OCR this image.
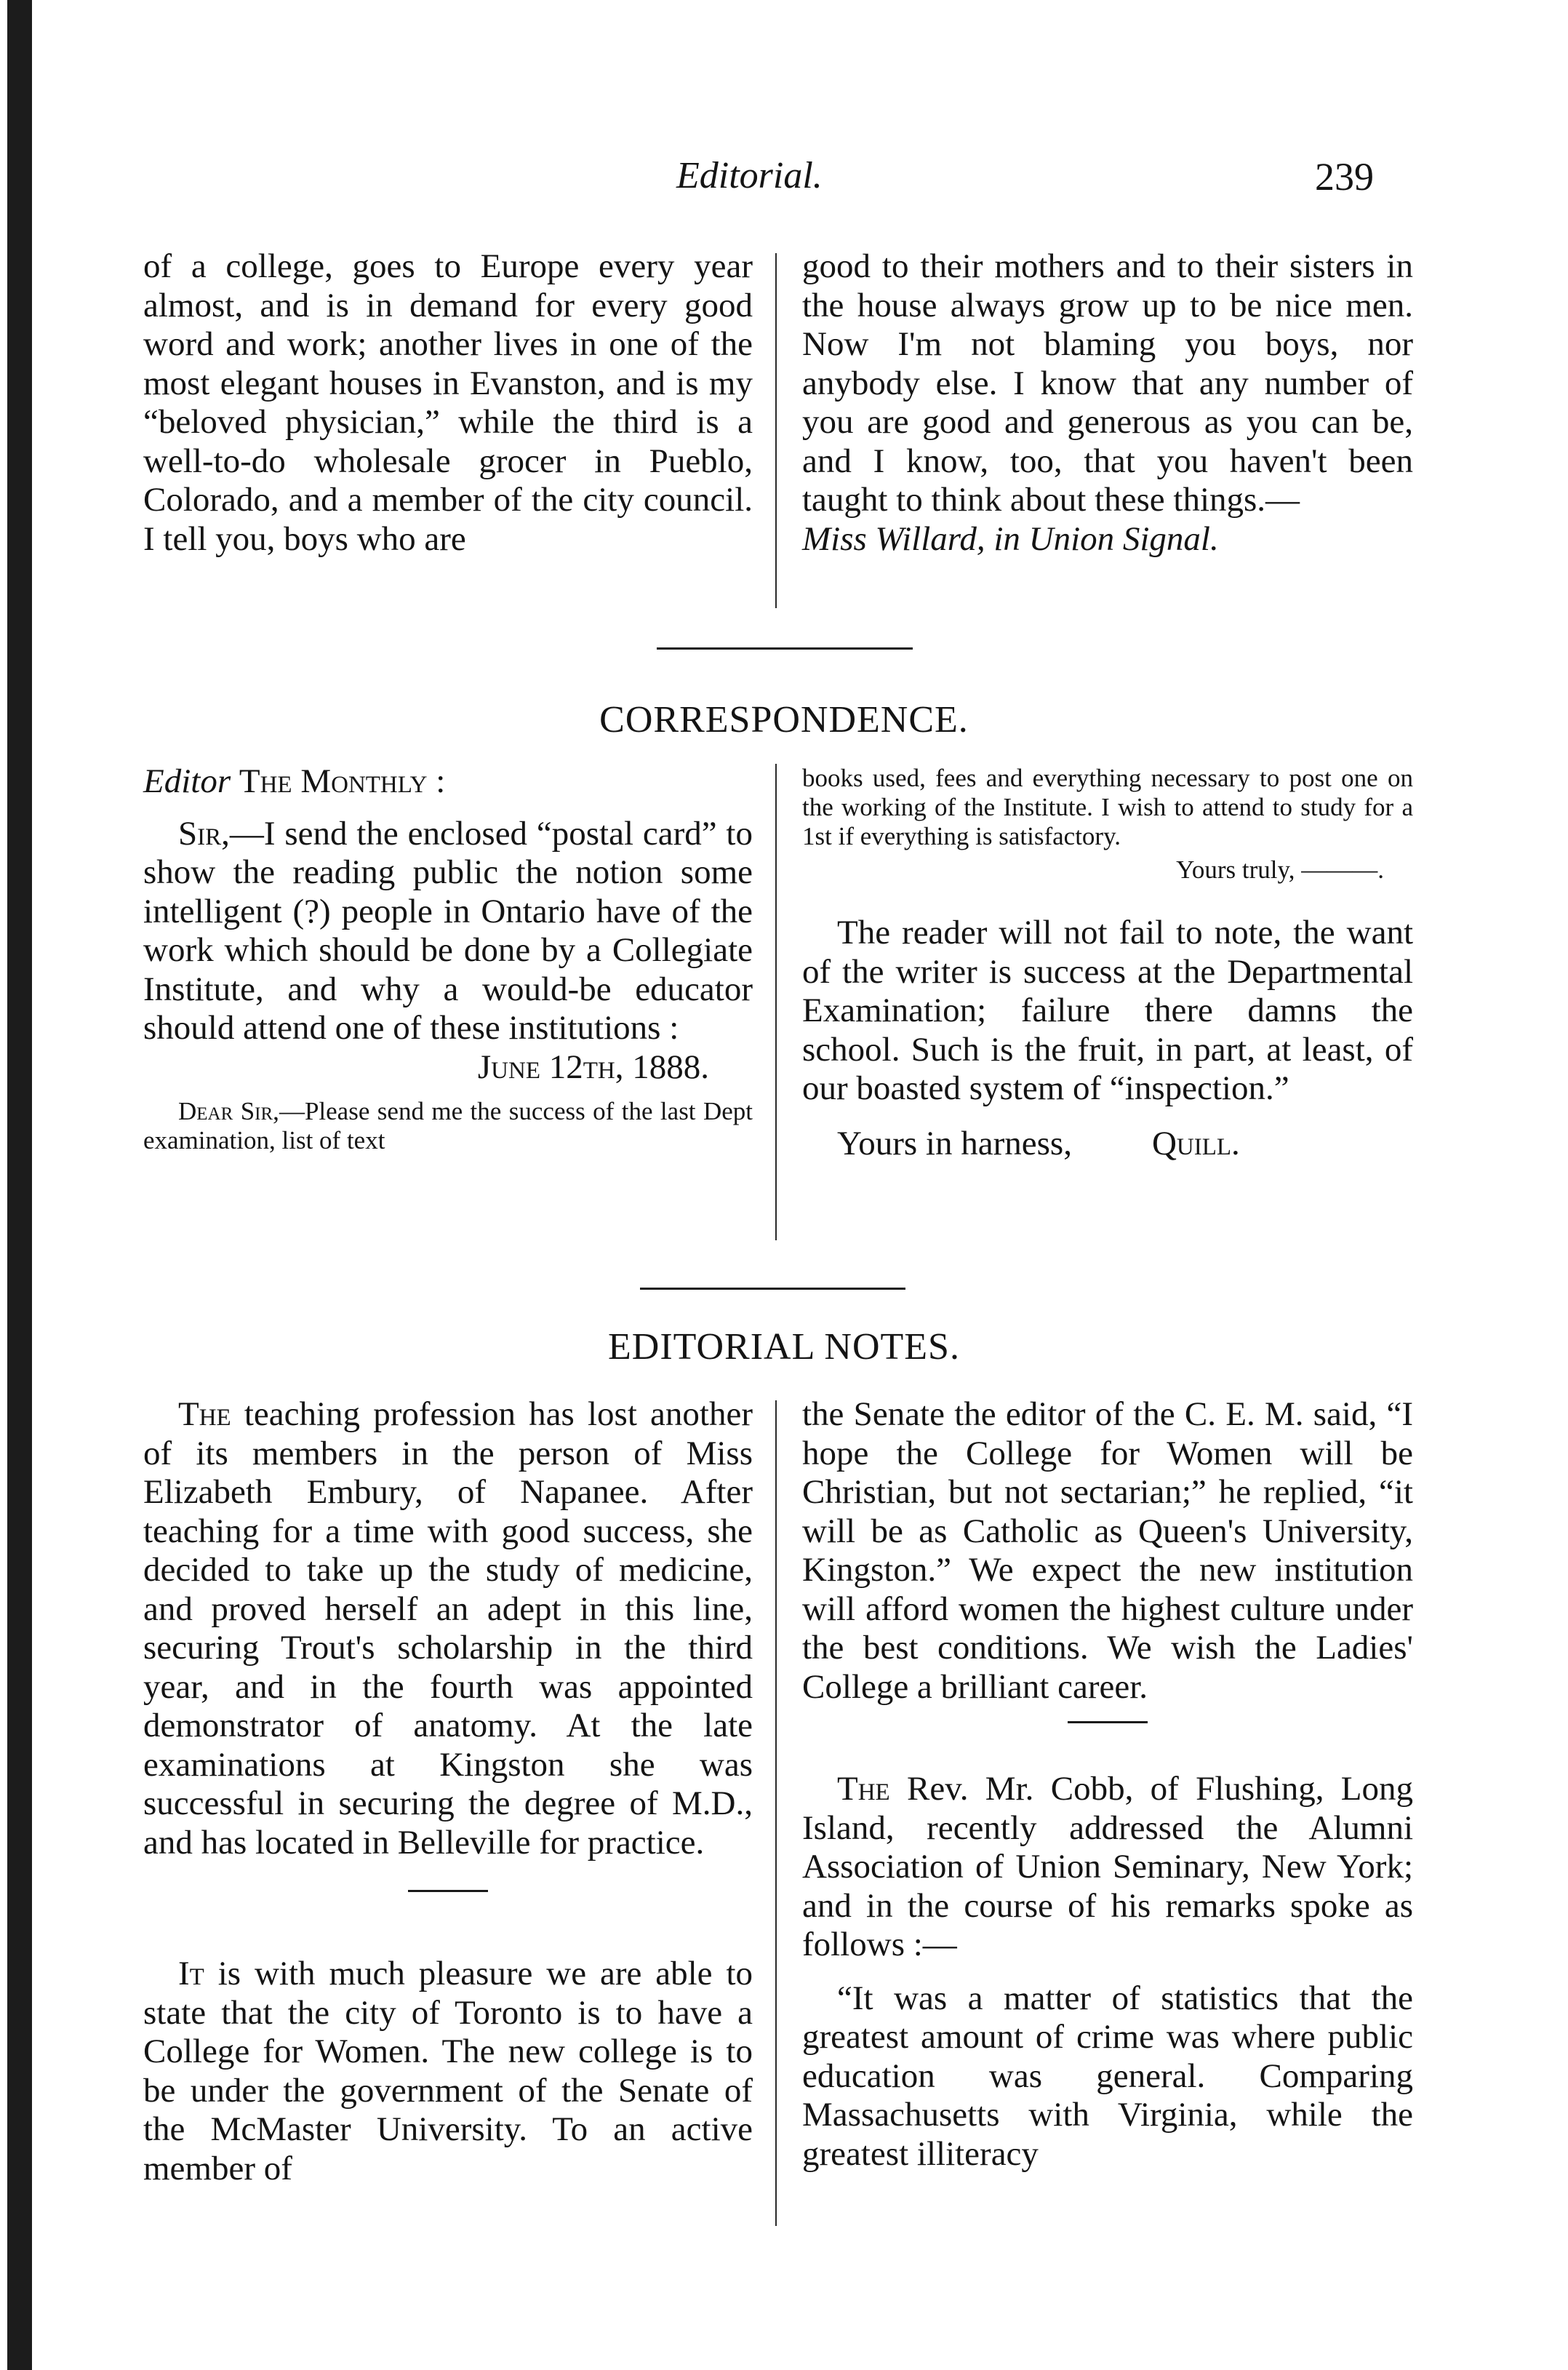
Editorial.	239

of a college, goes to Europe every year almost, and is in demand for every good word and work; another lives in one of the most elegant houses in Evanston, and is my “beloved physician,” while the third is a well-to-do wholesale grocer in Pueblo, Colorado, and a member of the city council. I tell you, boys who are

good to their mothers and to their sisters in the house always grow up to be nice men. Now I'm not blaming you boys, nor anybody else. I know that any number of you are good and generous as you can be, and I know, too, that you haven't been taught to think about these things.—

Miss Willard, in Union Signal.

CORRESPONDENCE.

Editor The Monthly :

Sir,—I send the enclosed “postal card” to show the reading public the notion some intelligent (?) people in Ontario have of the work which should be done by a Collegiate Institute, and why a would-be educator should attend one of these institutions :

June 12th, 1888.

Dear Sir,—Please send me the success of the last Dept examination, list of text

books used, fees and everything necessary to post one on the working of the Institute. I wish to attend to study for a 1st if everything is satisfactory.

Yours truly, ———.

The reader will not fail to note, the want of the writer is success at the Departmental Examination; failure there damns the school. Such is the fruit, in part, at least, of our boasted system of “inspection.”

Yours in harness, Quill.

EDITORIAL NOTES.

The teaching profession has lost another of its members in the person of Miss Elizabeth Embury, of Napanee. After teaching for a time with good success, she decided to take up the study of medicine, and proved herself an adept in this line, securing Trout's scholarship in the third year, and in the fourth was appointed demonstrator of anatomy. At the late examinations at Kingston she was successful in securing the degree of M.D., and has located in Belleville for practice.

It is with much pleasure we are able to state that the city of Toronto is to have a College for Women. The new college is to be under the government of the Senate of the McMaster University. To an active member of

the Senate the editor of the C. E. M. said, “I hope the College for Women will be Christian, but not sectarian;” he replied, “it will be as Catholic as Queen's University, Kingston.” We expect the new institution will afford women the highest culture under the best conditions. We wish the Ladies' College a brilliant career.

The Rev. Mr. Cobb, of Flushing, Long Island, recently addressed the Alumni Association of Union Seminary, New York; and in the course of his remarks spoke as follows :—

“It was a matter of statistics that the greatest amount of crime was where public education was general. Comparing Massachusetts with Virginia, while the greatest illiteracy
